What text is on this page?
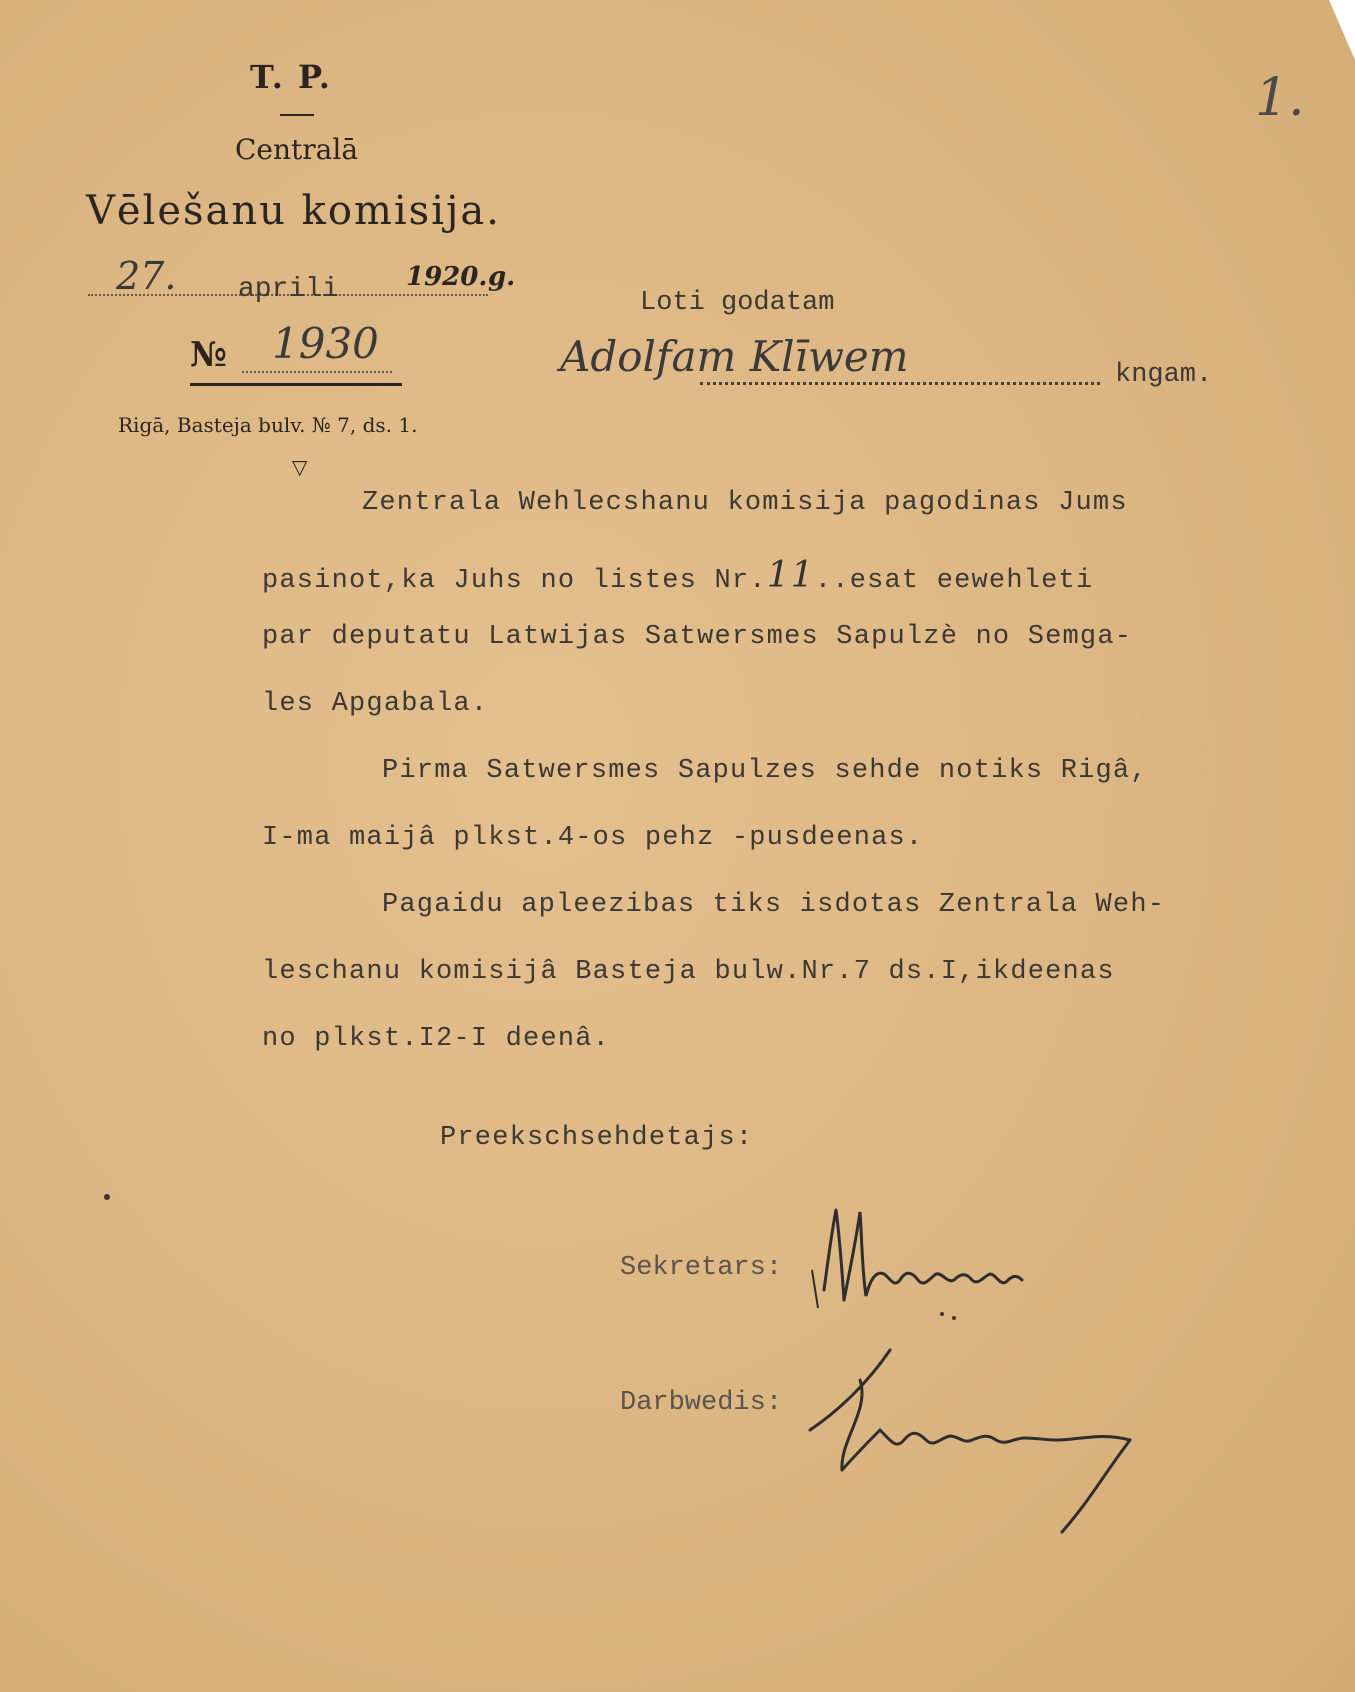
1.
T. P.
Centralā
Vēlešanu komisija.
27. aprili	1920. g.
№ 1930
Rigā, Basteja bulv. № 7, ds. 1.
▽
Loti godatam
Adolfam Klīwem	kngam.
Zentrala Wehlecshanu komisija pagodinas Jums
pasinot,ka Juhs no listes Nr.11..esat eewehleti
par deputatu Latwijas Satwersmes Sapulzè no Semga-
les Apgabala.
Pirma Satwersmes Sapulzes sehde notiks Rigâ,
I-ma maijâ plkst.4-os pehz -pusdeenas.
Pagaidu apleezibas tiks isdotas Zentrala Weh-
leschanu komisijâ Basteja bulw.Nr.7 ds.I,ikdeenas
no plkst.I2-I deenâ.
Preekschsehdetajs:
Sekretars:
Darbwedis:
